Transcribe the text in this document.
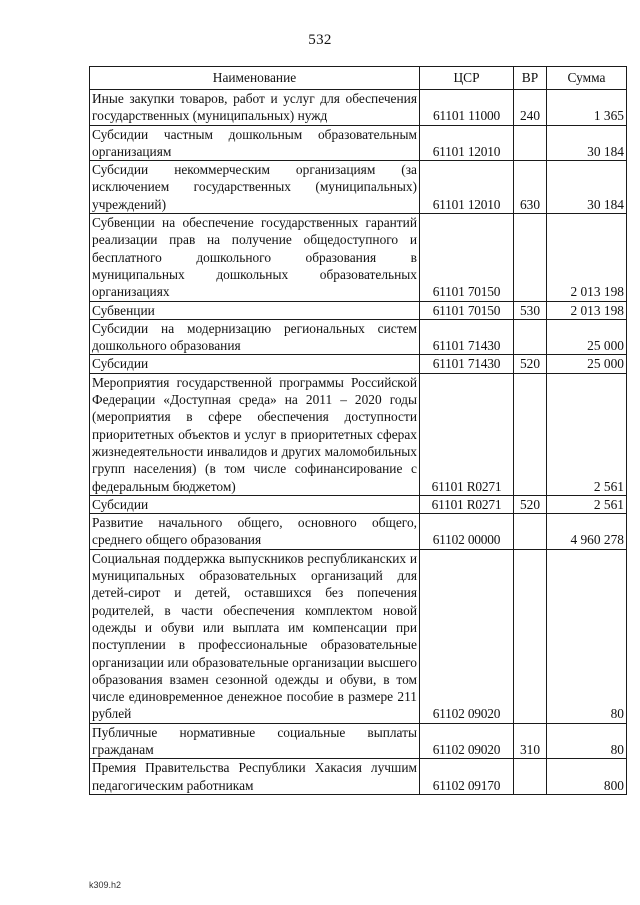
532
Наименование	ЦСР	ВР	Сумма
Иные закупки товаров, работ и услуг для обеспечения государственных (муниципальных) нужд	61101 11000	240	1 365
Субсидии частным дошкольным образовательным организациям	61101 12010		30 184
Субсидии некоммерческим организациям (за исключением государственных (муниципальных) учреждений)	61101 12010	630	30 184
Субвенции на обеспечение государственных гарантий реализации прав на получение общедоступного и бесплатного дошкольного образования в муниципальных дошкольных образовательных организациях	61101 70150		2 013 198
Субвенции	61101 70150	530	2 013 198
Субсидии на модернизацию региональных систем дошкольного образования	61101 71430		25 000
Субсидии	61101 71430	520	25 000
Мероприятия государственной программы Российской Федерации «Доступная среда» на 2011 – 2020 годы (мероприятия в сфере обеспечения доступности приоритетных объектов и услуг в приоритетных сферах жизнедеятельности инвалидов и других маломобильных групп населения) (в том числе софинансирование с федеральным бюджетом)	61101 R0271		2 561
Субсидии	61101 R0271	520	2 561
Развитие начального общего, основного общего, среднего общего образования	61102 00000		4 960 278
Социальная поддержка выпускников республиканских и муниципальных образовательных организаций для детей-сирот и детей, оставшихся без попечения родителей, в части обеспечения комплектом новой одежды и обуви или выплата им компенсации при поступлении в профессиональные образовательные организации или образовательные организации высшего образования взамен сезонной одежды и обуви, в том числе единовременное денежное пособие в размере 211 рублей	61102 09020		80
Публичные нормативные социальные выплаты гражданам	61102 09020	310	80
Премия Правительства Республики Хакасия лучшим педагогическим работникам	61102 09170		800
k309.h2
